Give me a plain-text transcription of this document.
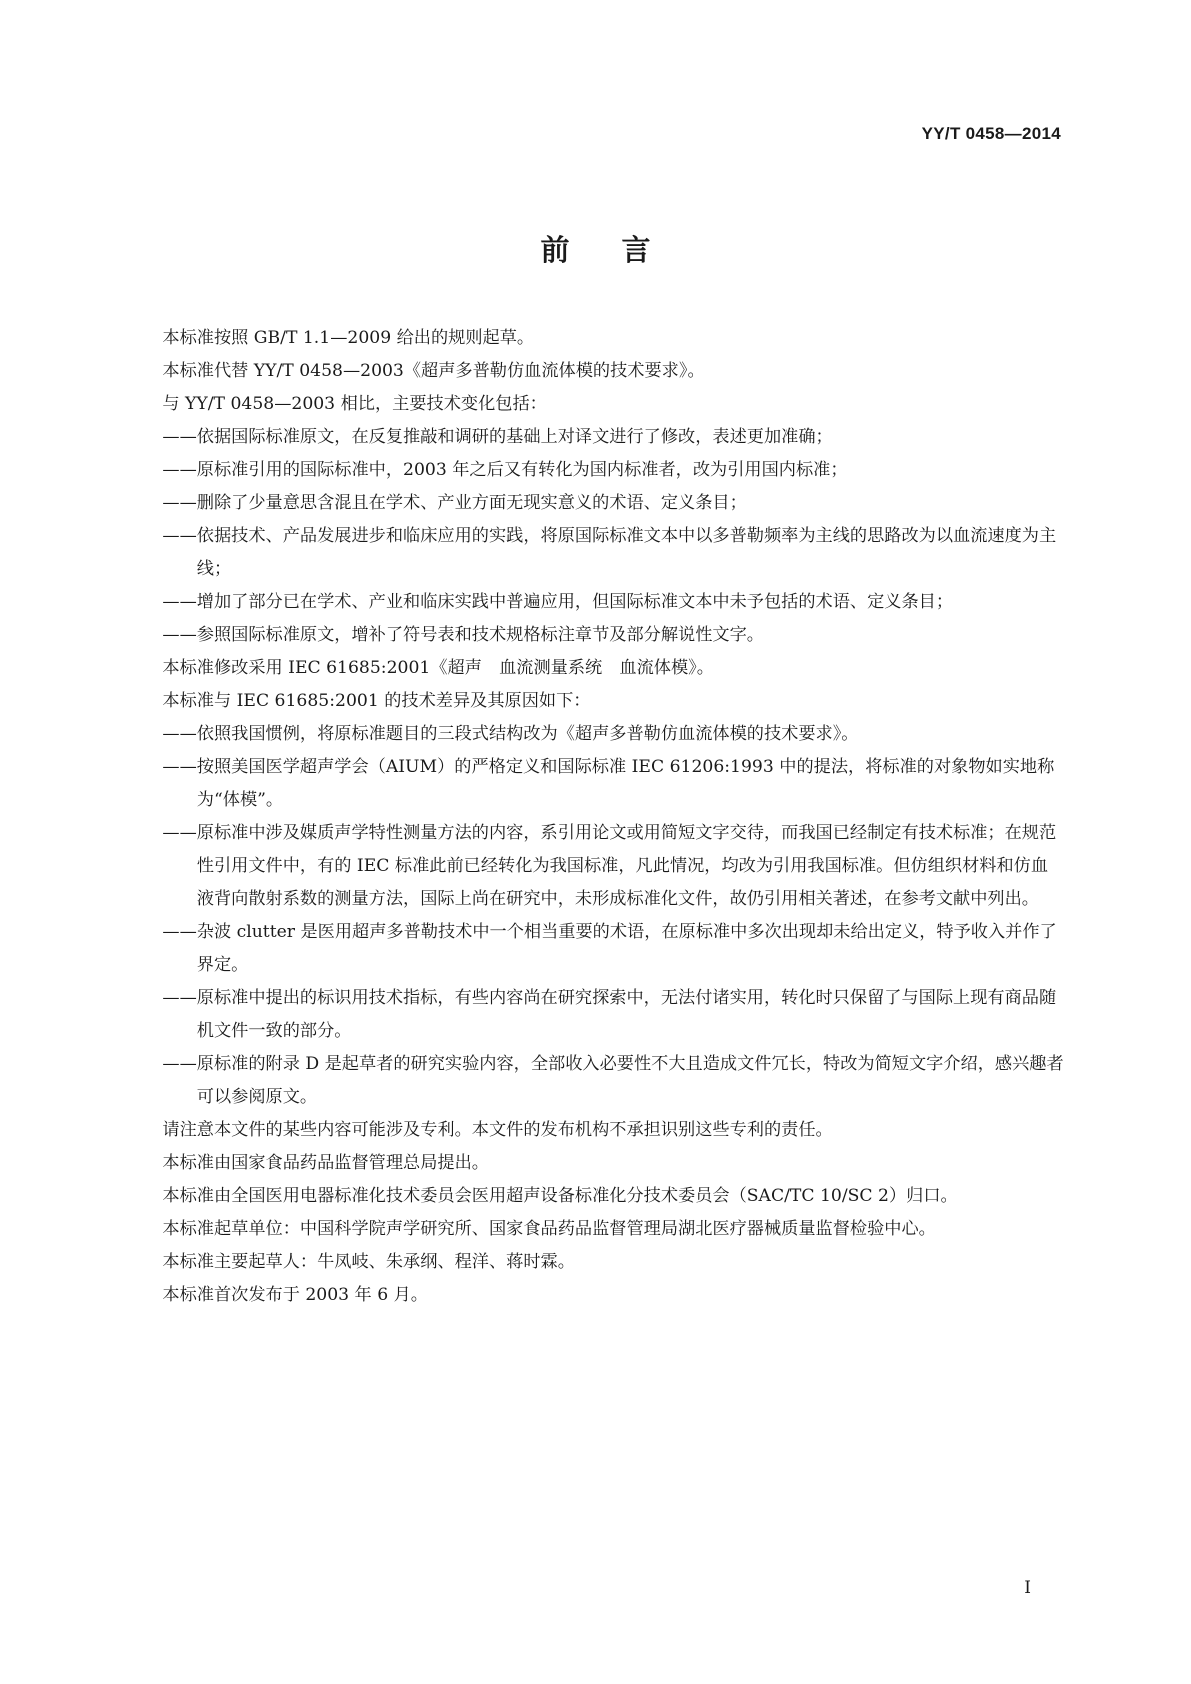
YY/T 0458—2014
前言

本标准按照 GB/T 1.1—2009 给出的规则起草。

本标准代替 YY/T 0458—2003《超声多普勒仿血流体模的技术要求》。

与 YY/T 0458—2003 相比，主要技术变化包括：

——依据国际标准原文，在反复推敲和调研的基础上对译文进行了修改，表述更加准确；

——原标准引用的国际标准中，2003 年之后又有转化为国内标准者，改为引用国内标准；

——删除了少量意思含混且在学术、产业方面无现实意义的术语、定义条目；

——依据技术、产品发展进步和临床应用的实践，将原国际标准文本中以多普勒频率为主线的思路改为以血流速度为主线；

——增加了部分已在学术、产业和临床实践中普遍应用，但国际标准文本中未予包括的术语、定义条目；

——参照国际标准原文，增补了符号表和技术规格标注章节及部分解说性文字。

本标准修改采用 IEC 61685:2001《超声　血流测量系统　血流体模》。

本标准与 IEC 61685:2001 的技术差异及其原因如下：

——依照我国惯例，将原标准题目的三段式结构改为《超声多普勒仿血流体模的技术要求》。

——按照美国医学超声学会（AIUM）的严格定义和国际标准 IEC 61206:1993 中的提法，将标准的对象物如实地称为“体模”。

——原标准中涉及媒质声学特性测量方法的内容，系引用论文或用简短文字交待，而我国已经制定有技术标准；在规范性引用文件中，有的 IEC 标准此前已经转化为我国标准，凡此情况，均改为引用我国标准。但仿组织材料和仿血液背向散射系数的测量方法，国际上尚在研究中，未形成标准化文件，故仍引用相关著述，在参考文献中列出。

——杂波 clutter 是医用超声多普勒技术中一个相当重要的术语，在原标准中多次出现却未给出定义，特予收入并作了界定。

——原标准中提出的标识用技术指标，有些内容尚在研究探索中，无法付诸实用，转化时只保留了与国际上现有商品随机文件一致的部分。

——原标准的附录 D 是起草者的研究实验内容，全部收入必要性不大且造成文件冗长，特改为简短文字介绍，感兴趣者可以参阅原文。

请注意本文件的某些内容可能涉及专利。本文件的发布机构不承担识别这些专利的责任。

本标准由国家食品药品监督管理总局提出。

本标准由全国医用电器标准化技术委员会医用超声设备标准化分技术委员会（SAC/TC 10/SC 2）归口。

本标准起草单位：中国科学院声学研究所、国家食品药品监督管理局湖北医疗器械质量监督检验中心。

本标准主要起草人：牛凤岐、朱承纲、程洋、蒋时霖。

本标准首次发布于 2003 年 6 月。

I
